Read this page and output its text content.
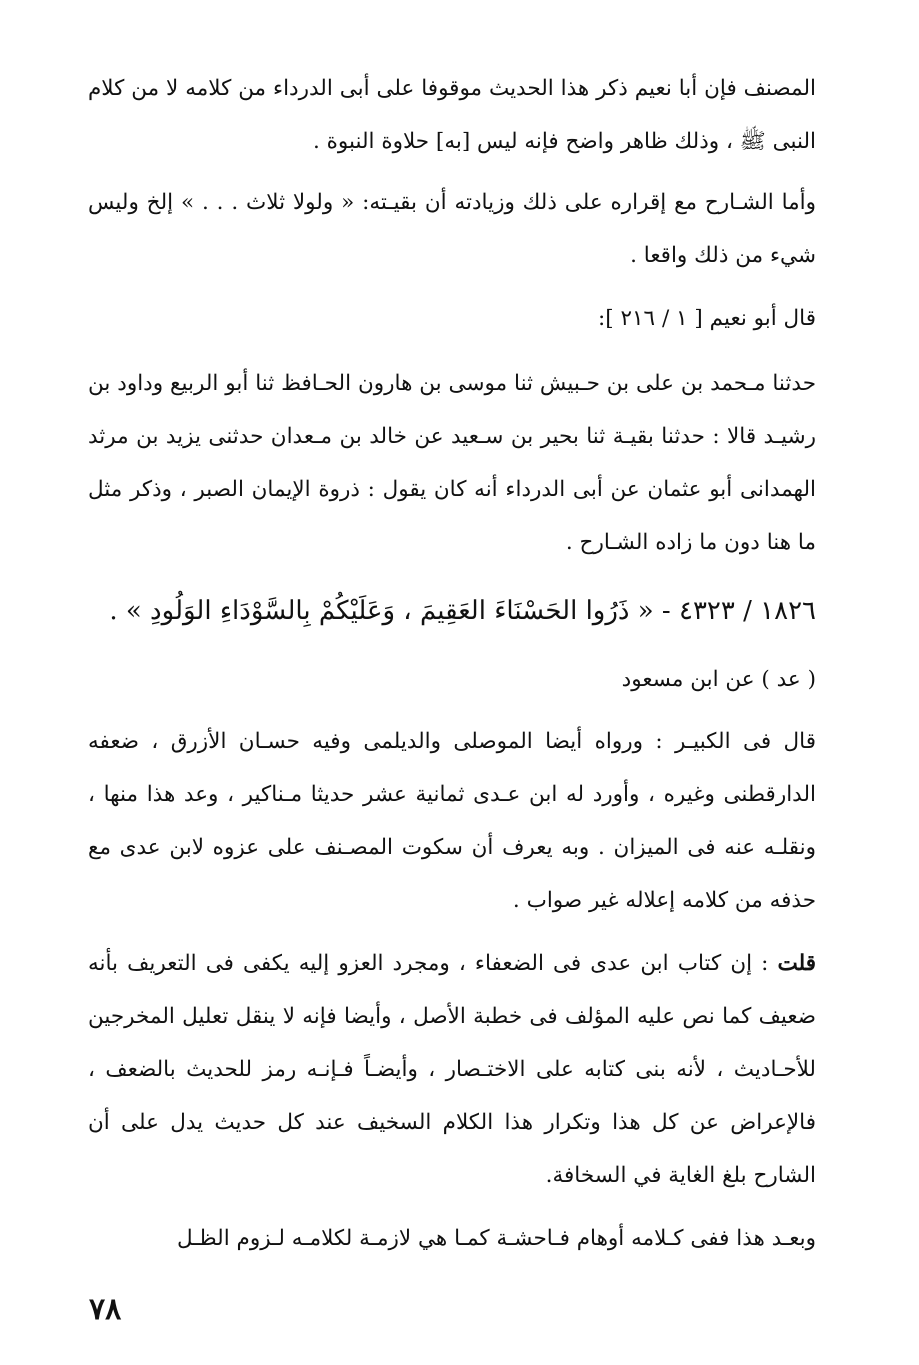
المصنف فإن أبا نعيم ذكر هذا الحديث موقوفا على أبى الدرداء من كلامه لا من كلام النبى ﷺ ، وذلك ظاهر واضح فإنه ليس [به] حلاوة النبوة .

وأما الشـارح مع إقراره على ذلك وزيادته أن بقيـته: « ولولا ثلاث . . . » إلخ وليس شيء من ذلك واقعا .

قال أبو نعيم [ ١ / ٢١٦ ]:

حدثنا مـحمد بن على بن حـبيش ثنا موسى بن هارون الحـافظ ثنا أبو الربيع وداود بن رشيـد قالا : حدثنا بقيـة ثنا بحير بن سـعيد عن خالد بن مـعدان حدثنى يزيد بن مرثد الهمدانى أبو عثمان عن أبى الدرداء أنه كان يقول : ذروة الإيمان الصبر ، وذكر مثل ما هنا دون ما زاده الشـارح .

١٨٢٦ / ٤٣٢٣ - « ذَرُوا الحَسْنَاءَ العَقِيمَ ، وَعَلَيْكُمْ بِالسَّوْدَاءِ الوَلُودِ » .

( عد ) عن ابن مسعود

قال فى الكبيـر : ورواه أيضا الموصلى والديلمى وفيه حسـان الأزرق ، ضعفه الدارقطنى وغيره ، وأورد له ابن عـدى ثمانية عشر حديثا مـناكير ، وعد هذا منها ، ونقلـه عنه فى الميزان . وبه يعرف أن سكوت المصـنف على عزوه لابن عدى مع حذفه من كلامه إعلاله غير صواب .

قلت : إن كتاب ابن عدى فى الضعفاء ، ومجرد العزو إليه يكفى فى التعريف بأنه ضعيف كما نص عليه المؤلف فى خطبة الأصل ، وأيضا فإنه لا ينقل تعليل المخرجين للأحـاديث ، لأنه بنى كتابه على الاختـصار ، وأيضـاً فـإنـه رمز للحديث بالضعف ، فالإعراض عن كل هذا وتكرار هذا الكلام السخيف عند كل حديث يدل على أن الشارح بلغ الغاية في السخافة.

وبعـد هذا ففى كـلامه أوهام فـاحشـة كمـا هي لازمـة لكلامـه لـزوم الظـل

٧٨
